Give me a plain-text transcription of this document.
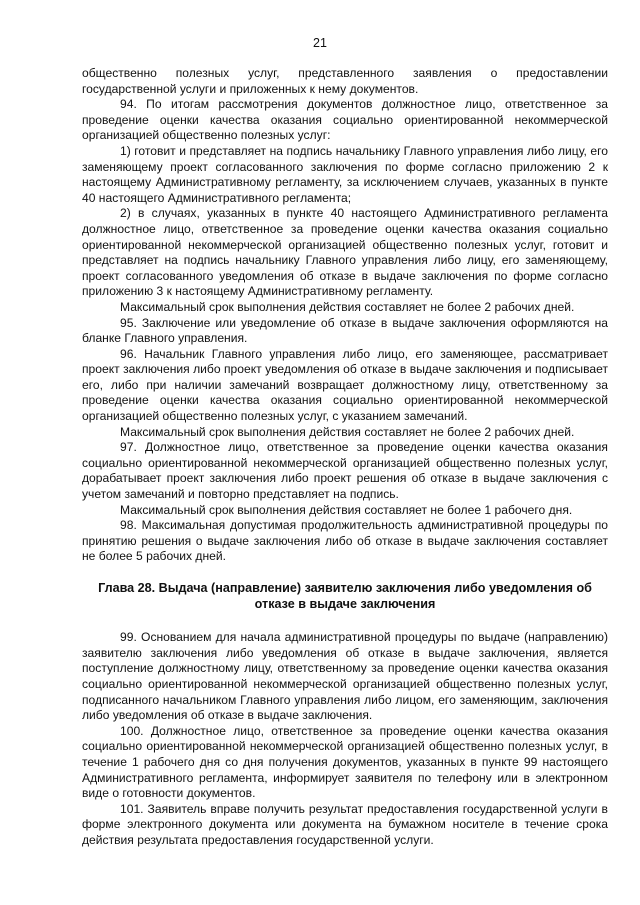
21

общественно полезных услуг, представленного заявления о предоставлении государственной услуги и приложенных к нему документов.

94. По итогам рассмотрения документов должностное лицо, ответственное за проведение оценки качества оказания социально ориентированной некоммерческой организацией общественно полезных услуг:

1) готовит и представляет на подпись начальнику Главного управления либо лицу, его заменяющему проект согласованного заключения по форме согласно приложению 2 к настоящему Административному регламенту, за исключением случаев, указанных в пункте 40 настоящего Административного регламента;

2) в случаях, указанных в пункте 40 настоящего Административного регламента должностное лицо, ответственное за проведение оценки качества оказания социально ориентированной некоммерческой организацией общественно полезных услуг, готовит и представляет на подпись начальнику Главного управления либо лицу, его заменяющему, проект согласованного уведомления об отказе в выдаче заключения по форме согласно приложению 3 к настоящему Административному регламенту.

Максимальный срок выполнения действия составляет не более 2 рабочих дней.

95. Заключение или уведомление об отказе в выдаче заключения оформляются на бланке Главного управления.

96. Начальник Главного управления либо лицо, его заменяющее, рассматривает проект заключения либо проект уведомления об отказе в выдаче заключения и подписывает его, либо при наличии замечаний возвращает должностному лицу, ответственному за проведение оценки качества оказания социально ориентированной некоммерческой организацией общественно полезных услуг, с указанием замечаний.

Максимальный срок выполнения действия составляет не более 2 рабочих дней.

97. Должностное лицо, ответственное за проведение оценки качества оказания социально ориентированной некоммерческой организацией общественно полезных услуг, дорабатывает проект заключения либо проект решения об отказе в выдаче заключения с учетом замечаний и повторно представляет на подпись.

Максимальный срок выполнения действия составляет не более 1 рабочего дня.

98. Максимальная допустимая продолжительность административной процедуры по принятию решения о выдаче заключения либо об отказе в выдаче заключения составляет не более 5 рабочих дней.

Глава 28. Выдача (направление) заявителю заключения либо уведомления об отказе в выдаче заключения

99. Основанием для начала административной процедуры по выдаче (направлению) заявителю заключения либо уведомления об отказе в выдаче заключения, является поступление должностному лицу, ответственному за проведение оценки качества оказания социально ориентированной некоммерческой организацией общественно полезных услуг, подписанного начальником Главного управления либо лицом, его заменяющим, заключения либо уведомления об отказе в выдаче заключения.

100. Должностное лицо, ответственное за проведение оценки качества оказания социально ориентированной некоммерческой организацией общественно полезных услуг, в течение 1 рабочего дня со дня получения документов, указанных в пункте 99 настоящего Административного регламента, информирует заявителя по телефону или в электронном виде о готовности документов.

101. Заявитель вправе получить результат предоставления государственной услуги в форме электронного документа или документа на бумажном носителе в течение срока действия результата предоставления государственной услуги.
